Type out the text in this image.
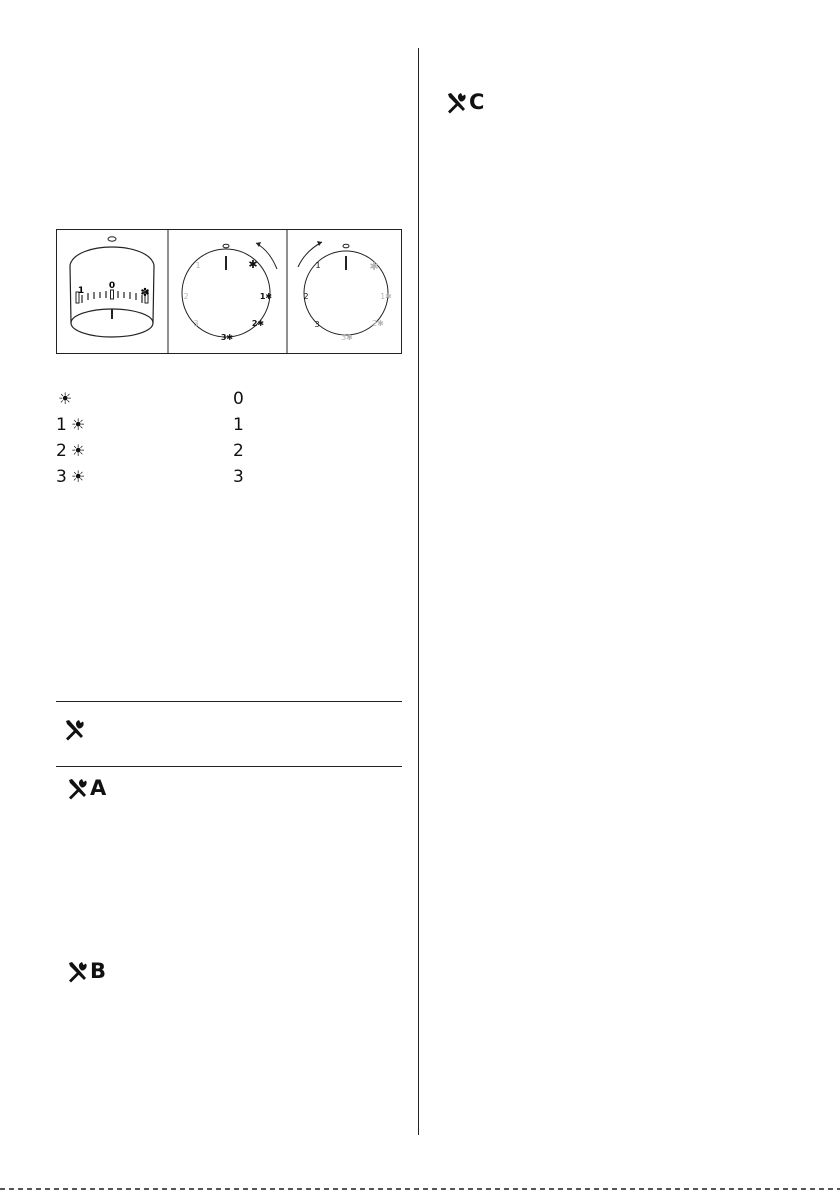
0
1	✽
1
2
3
✱
1✱
2✱
3✱
1
2
3
✱
1✱
2✱
3✱
☀	0
1 ☀	1
2 ☀	2
3 ☀	3
A
B
C
